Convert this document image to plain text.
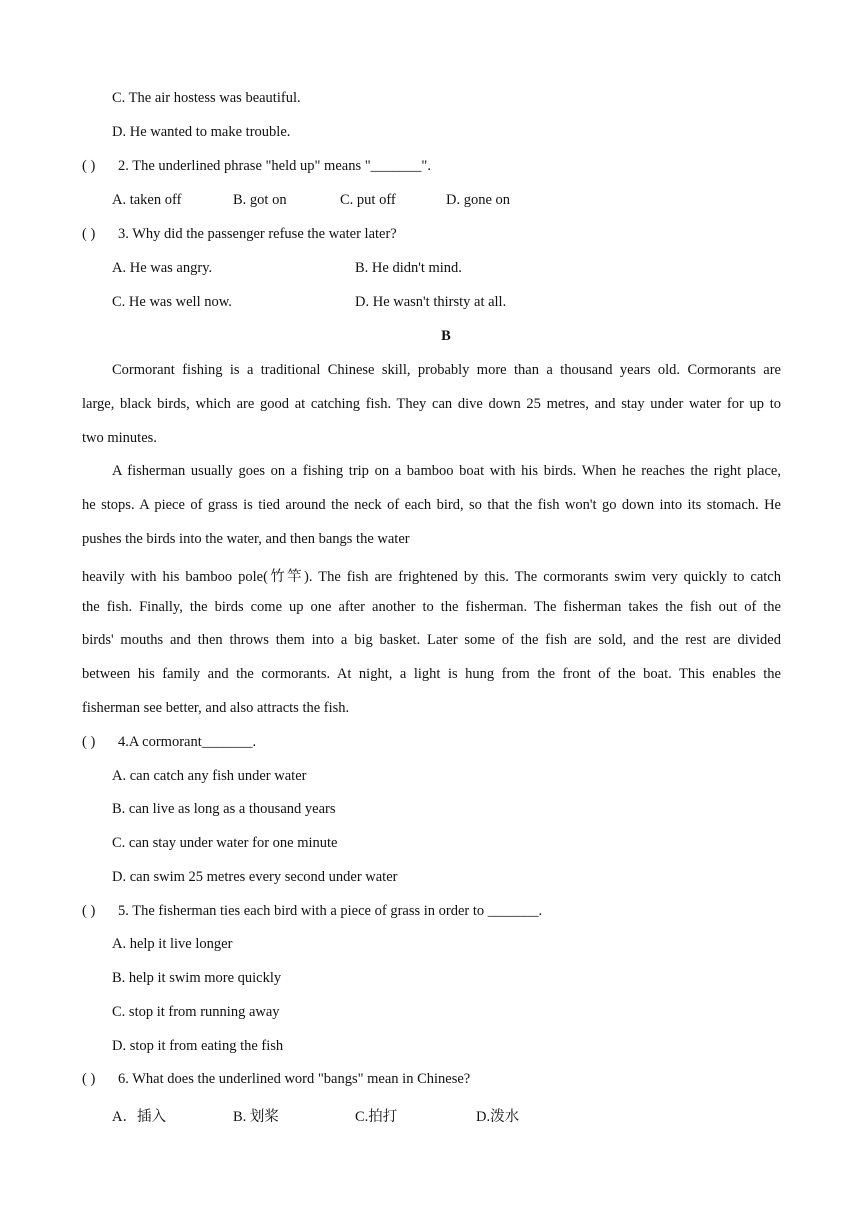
C. The air hostess was beautiful.
D. He wanted to make trouble.
( ) 2. The underlined phrase "held up" means "_______".
A. taken off	B. got on	C. put off	D. gone on
( ) 3. Why did the passenger refuse the water later?
A. He was angry.	B. He didn't mind.
C. He was well now.	D. He wasn't thirsty at all.
B
Cormorant fishing is a traditional Chinese skill, probably more than a thousand years old. Cormorants are
large, black birds, which are good at catching fish. They can dive down 25 metres, and stay under water for up to
two minutes.
A fisherman usually goes on a fishing trip on a bamboo boat with his birds. When he reaches the right place,
he stops. A piece of grass is tied around the neck of each bird, so that the fish won't go down into its stomach. He
pushes the birds into the water, and then bangs the water
heavily with his bamboo pole(竹竿). The fish are frightened by this. The cormorants swim very quickly to catch
the fish. Finally, the birds come up one after another to the fisherman. The fisherman takes the fish out of the
birds' mouths and then throws them into a big basket. Later some of the fish are sold, and the rest are divided
between his family and the cormorants. At night, a light is hung from the front of the boat. This enables the
fisherman see better, and also attracts the fish.
( ) 4.A cormorant_______.
A. can catch any fish under water
B. can live as long as a thousand years
C. can stay under water for one minute
D. can swim 25 metres every second under water
( ) 5. The fisherman ties each bird with a piece of grass in order to _______.
A. help it live longer
B. help it swim more quickly
C. stop it from running away
D. stop it from eating the fish
( ) 6. What does the underlined word "bangs" mean in Chinese?
A．插入	B. 划桨	C.拍打	D.泼水
